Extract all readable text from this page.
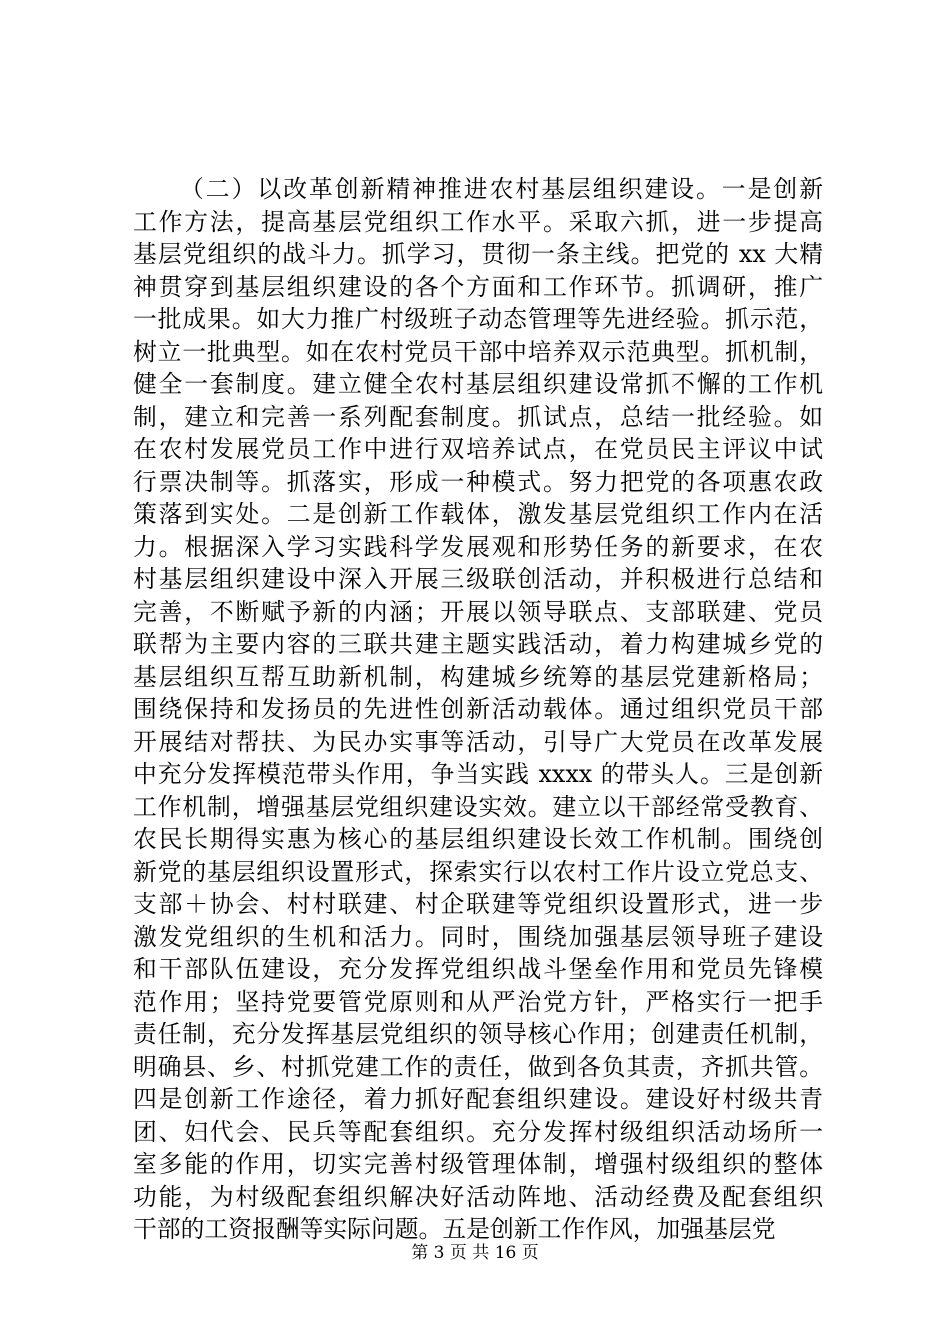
（二）以改革创新精神推进农村基层组织建设。一是创新
工作方法，提高基层党组织工作水平。采取六抓，进一步提高
基层党组织的战斗力。抓学习，贯彻一条主线。把党的 xx 大精
神贯穿到基层组织建设的各个方面和工作环节。抓调研，推广
一批成果。如大力推广村级班子动态管理等先进经验。抓示范，
树立一批典型。如在农村党员干部中培养双示范典型。抓机制，
健全一套制度。建立健全农村基层组织建设常抓不懈的工作机
制，建立和完善一系列配套制度。抓试点，总结一批经验。如
在农村发展党员工作中进行双培养试点，在党员民主评议中试
行票决制等。抓落实，形成一种模式。努力把党的各项惠农政
策落到实处。二是创新工作载体，激发基层党组织工作内在活
力。根据深入学习实践科学发展观和形势任务的新要求，在农
村基层组织建设中深入开展三级联创活动，并积极进行总结和
完善，不断赋予新的内涵；开展以领导联点、支部联建、党员
联帮为主要内容的三联共建主题实践活动，着力构建城乡党的
基层组织互帮互助新机制，构建城乡统筹的基层党建新格局；
围绕保持和发扬员的先进性创新活动载体。通过组织党员干部
开展结对帮扶、为民办实事等活动，引导广大党员在改革发展
中充分发挥模范带头作用，争当实践 xxxx 的带头人。三是创新
工作机制，增强基层党组织建设实效。建立以干部经常受教育、
农民长期得实惠为核心的基层组织建设长效工作机制。围绕创
新党的基层组织设置形式，探索实行以农村工作片设立党总支、
支部＋协会、村村联建、村企联建等党组织设置形式，进一步
激发党组织的生机和活力。同时，围绕加强基层领导班子建设
和干部队伍建设，充分发挥党组织战斗堡垒作用和党员先锋模
范作用；坚持党要管党原则和从严治党方针，严格实行一把手
责任制，充分发挥基层党组织的领导核心作用；创建责任机制，
明确县、乡、村抓党建工作的责任，做到各负其责，齐抓共管。
四是创新工作途径，着力抓好配套组织建设。建设好村级共青
团、妇代会、民兵等配套组织。充分发挥村级组织活动场所一
室多能的作用，切实完善村级管理体制，增强村级组织的整体
功能，为村级配套组织解决好活动阵地、活动经费及配套组织
干部的工资报酬等实际问题。五是创新工作作风，加强基层党
第 3 页 共 16 页
